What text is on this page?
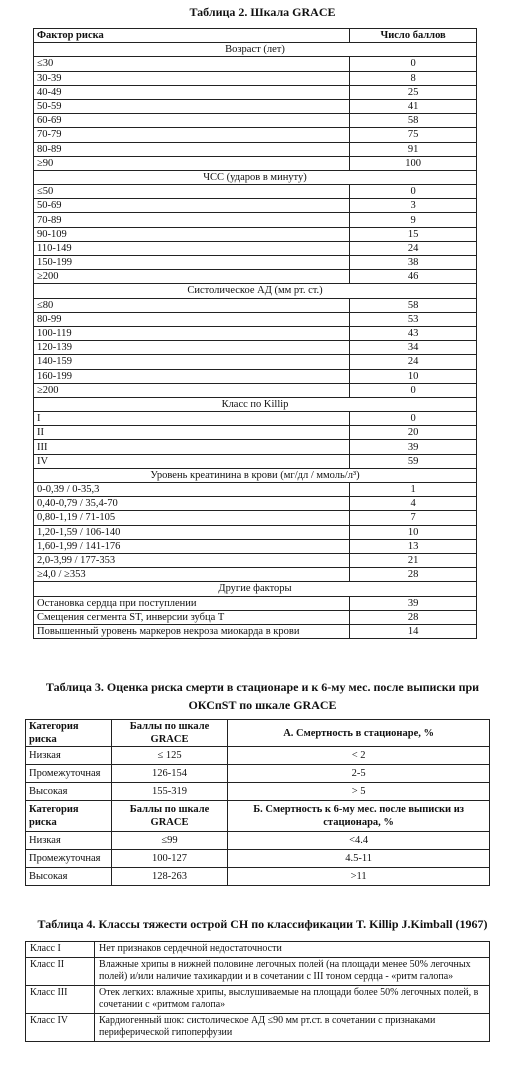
Таблица 2. Шкала GRACE
Фактор риска	Число баллов
Возраст (лет)	
≤30	0
30-39	8
40-49	25
50-59	41
60-69	58
70-79	75
80-89	91
≥90	100
ЧСС (ударов в минуту)	
≤50	0
50-69	3
70-89	9
90-109	15
110-149	24
150-199	38
≥200	46
Систолическое АД (мм рт. ст.)	
≤80	58
80-99	53
100-119	43
120-139	34
140-159	24
160-199	10
≥200	0
Класс по Killip	
I	0
II	20
III	39
IV	59
Уровень креатинина в крови (мг/дл / ммоль/л³)	
0-0,39 / 0-35,3	1
0,40-0,79 / 35,4-70	4
0,80-1,19 / 71-105	7
1,20-1,59 / 106-140	10
1,60-1,99 / 141-176	13
2,0-3,99 / 177-353	21
≥4,0 / ≥353	28
Другие факторы	
Остановка сердца при поступлении	39
Смещения сегмента ST, инверсии зубца Т	28
Повышенный уровень маркеров некроза миокарда в крови	14
Таблица 3. Оценка риска смерти в стационаре и к 6-му мес. после выписки при
ОКСпST по шкале GRACE
Категория риска	Баллы по шкале GRACE	А. Смертность в стационаре, %
Низкая	≤ 125	< 2
Промежуточная	126-154	2-5
Высокая	155-319	> 5
Категория риска	Баллы по шкале GRACE	Б. Смертность к 6-му мес. после выписки из стационара, %
Низкая	≤99	<4.4
Промежуточная	100-127	4.5-11
Высокая	128-263	>11
Таблица 4. Классы тяжести острой СН по классификации T. Killip J.Kimball (1967)
Класс I	Нет признаков сердечной недостаточности
Класс II	Влажные хрипы в нижней половине легочных полей (на площади менее 50% легочных полей) и/или наличие тахикардии и в сочетании с III тоном сердца - «ритм галопа»
Класс III	Отек легких: влажные хрипы, выслушиваемые на площади более 50% легочных полей, в сочетании с «ритмом галопа»
Класс IV	Кардиогенный шок: систолическое АД ≤90 мм рт.ст. в сочетании с признаками периферической гипоперфузии
